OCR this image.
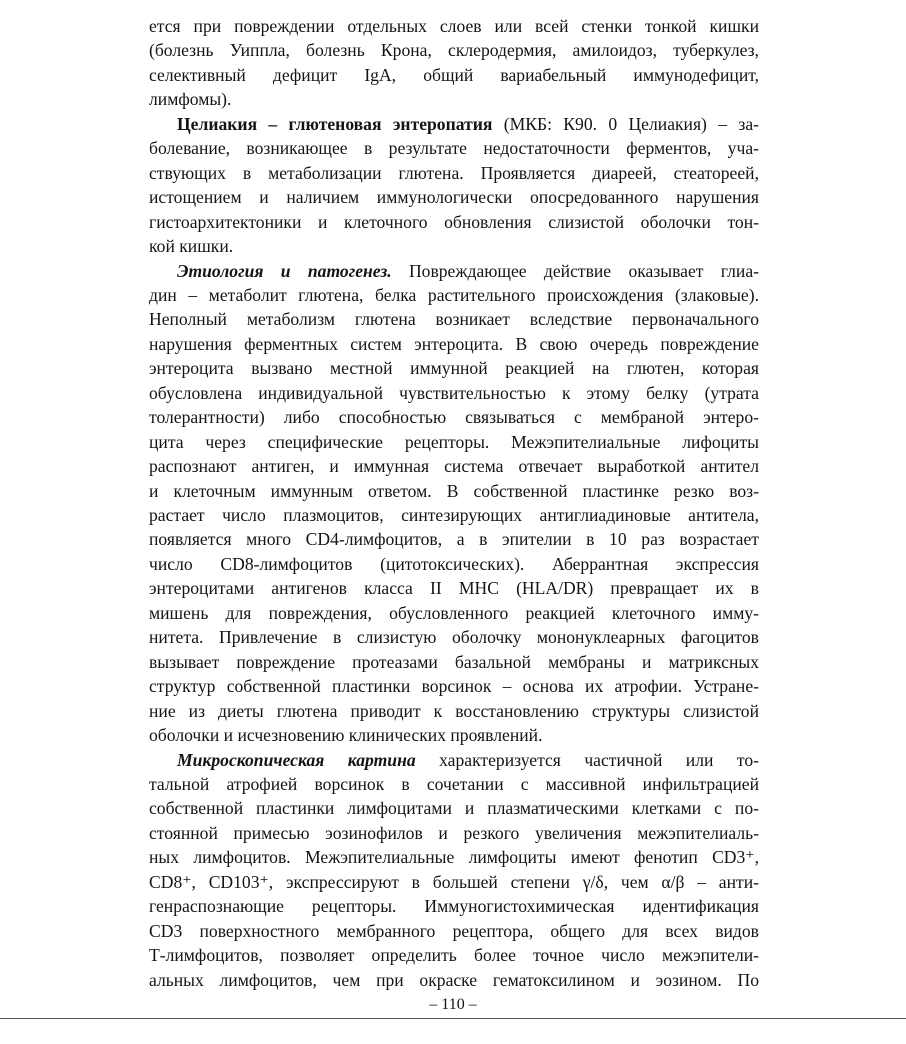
ется при повреждении отдельных слоев или всей стенки тонкой кишки
(болезнь Уиппла, болезнь Крона, склеродермия, амилоидоз, туберкулез,
селективный дефицит IgA, общий вариабельный иммунодефицит,
лимфомы).
Целиакия – глютеновая энтеропатия (МКБ: К90. 0 Целиакия) – за-
болевание, возникающее в результате недостаточности ферментов, уча-
ствующих в метаболизации глютена. Проявляется диареей, стеатореей,
истощением и наличием иммунологически опосредованного нарушения
гистоархитектоники и клеточного обновления слизистой оболочки тон-
кой кишки.
Этиология и патогенез. Повреждающее действие оказывает глиа-
дин – метаболит глютена, белка растительного происхождения (злаковые).
Неполный метаболизм глютена возникает вследствие первоначального
нарушения ферментных систем энтероцита. В свою очередь повреждение
энтероцита вызвано местной иммунной реакцией на глютен, которая
обусловлена индивидуальной чувствительностью к этому белку (утрата
толерантности) либо способностью связываться с мембраной энтеро-
цита через специфические рецепторы. Межэпителиальные лифоциты
распознают антиген, и иммунная система отвечает выработкой антител
и клеточным иммунным ответом. В собственной пластинке резко воз-
растает число плазмоцитов, синтезирующих антиглиадиновые антитела,
появляется много CD4-лимфоцитов, а в эпителии в 10 раз возрастает
число CD8-лимфоцитов (цитотоксических). Аберрантная экспрессия
энтероцитами антигенов класса II MHC (HLA/DR) превращает их в
мишень для повреждения, обусловленного реакцией клеточного имму-
нитета. Привлечение в слизистую оболочку мононуклеарных фагоцитов
вызывает повреждение протеазами базальной мембраны и матриксных
структур собственной пластинки ворсинок – основа их атрофии. Устране-
ние из диеты глютена приводит к восстановлению структуры слизистой
оболочки и исчезновению клинических проявлений.
Микроскопическая картина характеризуется частичной или то-
тальной атрофией ворсинок в сочетании с массивной инфильтрацией
собственной пластинки лимфоцитами и плазматическими клетками с по-
стоянной примесью эозинофилов и резкого увеличения межэпителиаль-
ных лимфоцитов. Межэпителиальные лимфоциты имеют фенотип CD3⁺,
CD8⁺, CD103⁺, экспрессируют в большей степени γ/δ, чем α/β – анти-
генраспознающие рецепторы. Иммуногистохимическая идентификация
CD3 поверхностного мембранного рецептора, общего для всех видов
Т-лимфоцитов, позволяет определить более точное число межэпители-
альных лимфоцитов, чем при окраске гематоксилином и эозином. По
– 110 –
